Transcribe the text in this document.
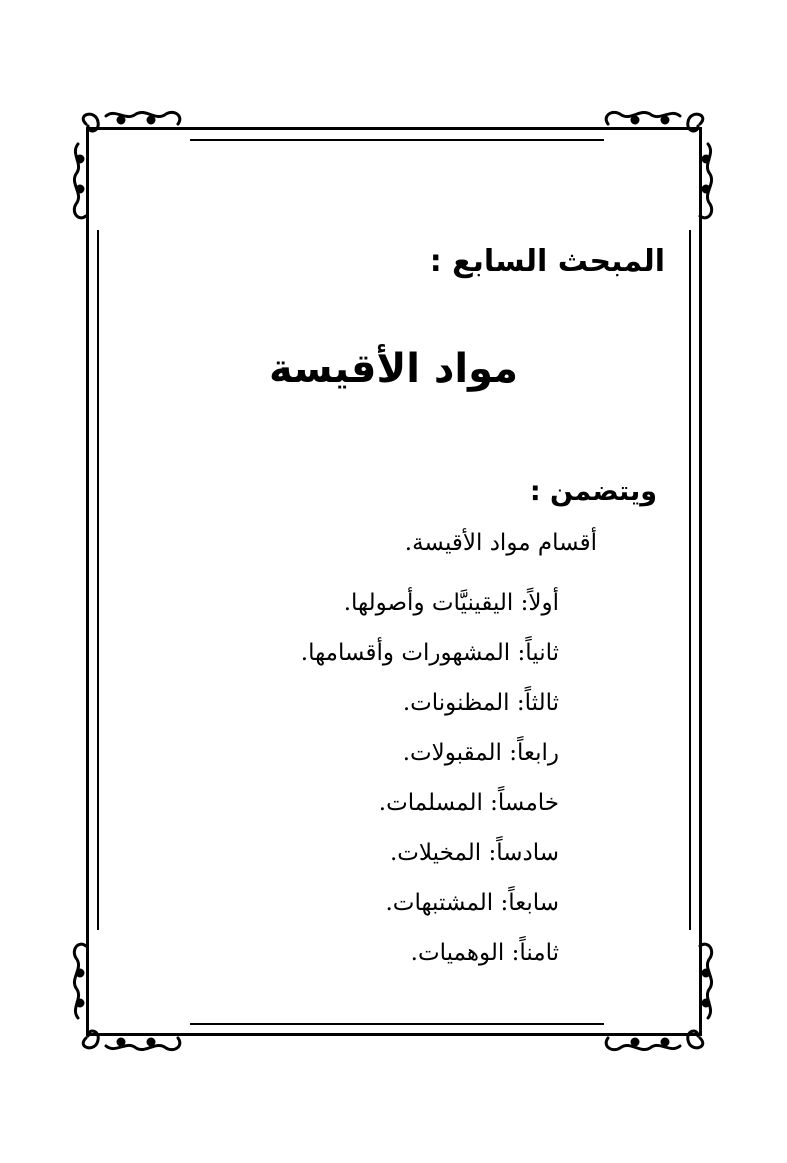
المبحث السابع :
مواد الأقيسة
ويتضمن :
أقسام مواد الأقيسة.
أولاً: اليقينيَّات وأصولها.
ثانياً: المشهورات وأقسامها.
ثالثاً: المظنونات.
رابعاً: المقبولات.
خامساً: المسلمات.
سادساً: المخيلات.
سابعاً: المشتبهات.
ثامناً: الوهميات.
